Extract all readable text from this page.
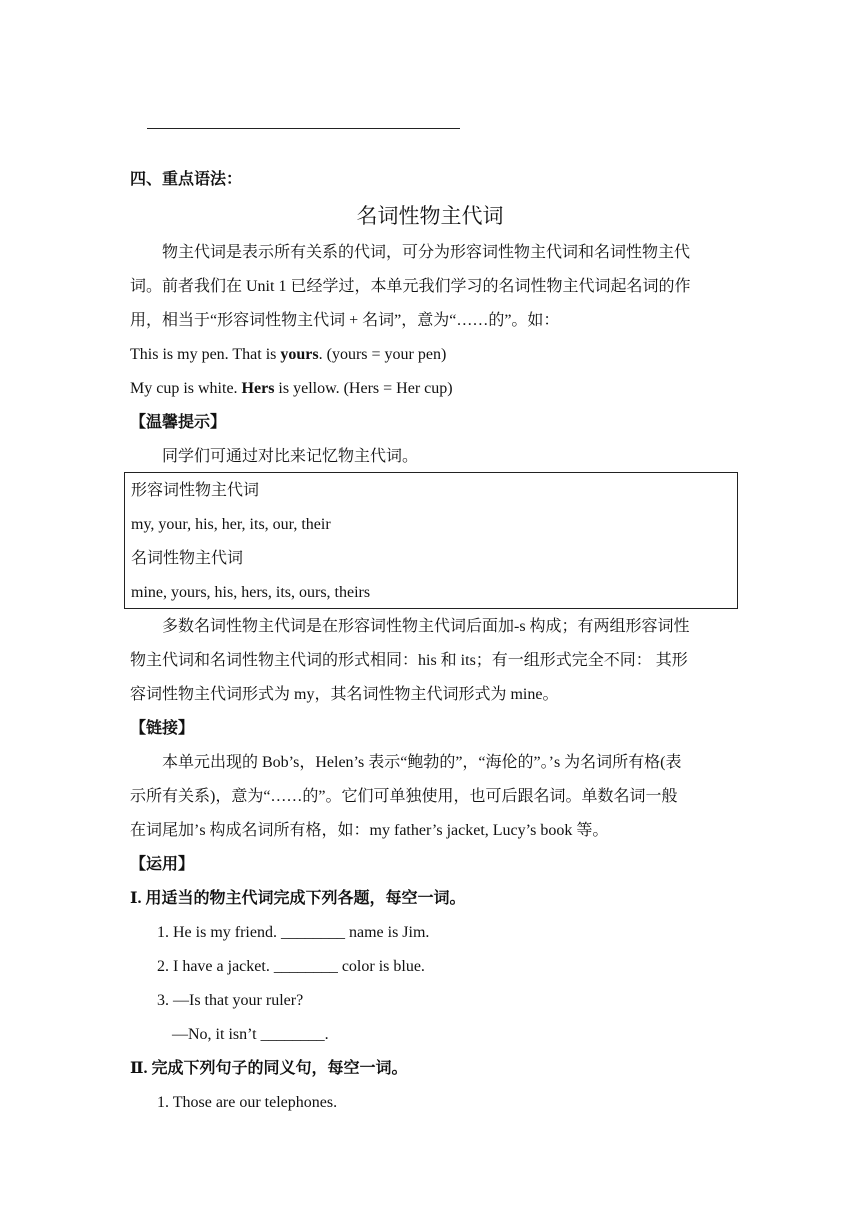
四、重点语法：
名词性物主代词
物主代词是表示所有关系的代词，可分为形容词性物主代词和名词性物主代
词。前者我们在 Unit 1 已经学过，本单元我们学习的名词性物主代词起名词的作
用，相当于“形容词性物主代词 + 名词”，意为“……的”。如：
This is my pen. That is yours. (yours = your pen)
My cup is white. Hers is yellow. (Hers = Her cup)
【温馨提示】
同学们可通过对比来记忆物主代词。
形容词性物主代词
my, your, his, her, its, our, their
名词性物主代词
mine, yours, his, hers, its, ours, theirs
多数名词性物主代词是在形容词性物主代词后面加-s 构成；有两组形容词性
物主代词和名词性物主代词的形式相同：his 和 its；有一组形式完全不同： 其形
容词性物主代词形式为 my，其名词性物主代词形式为 mine。
【链接】
本单元出现的 Bob’s，Helen’s 表示“鲍勃的”，“海伦的”。’s 为名词所有格(表
示所有关系)，意为“……的”。它们可单独使用，也可后跟名词。单数名词一般
在词尾加’s 构成名词所有格，如：my father’s jacket, Lucy’s book 等。
【运用】
Ⅰ. 用适当的物主代词完成下列各题，每空一词。
1. He is my friend. ________ name is Jim.
2. I have a jacket. ________ color is blue.
3. —Is that your ruler?
—No, it isn’t ________.
Ⅱ. 完成下列句子的同义句，每空一词。
1. Those are our telephones.
